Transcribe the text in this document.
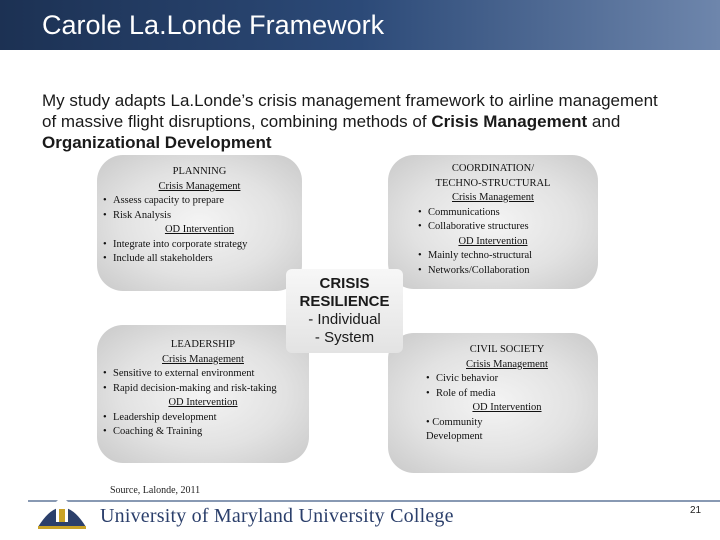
Carole La.Londe Framework
My study adapts La.Londe’s crisis management framework to airline management of massive flight disruptions, combining methods of Crisis Management and Organizational Development
PLANNING
Crisis Management
• Assess capacity to prepare
• Risk Analysis
OD Intervention
• Integrate into corporate strategy
• Include all stakeholders
COORDINATION/
TECHNO-STRUCTURAL
Crisis Management
• Communications
• Collaborative structures
OD Intervention
• Mainly techno-structural
• Networks/Collaboration
LEADERSHIP
Crisis Management
• Sensitive to external environment
• Rapid decision-making and risk-taking
OD Intervention
• Leadership development
• Coaching & Training
CIVIL SOCIETY
Crisis Management
• Civic behavior
• Role of media
OD Intervention
• Community
Development
CRISIS
RESILIENCE
- Individual
- System
Source, Lalonde, 2011
University of Maryland University College	21
